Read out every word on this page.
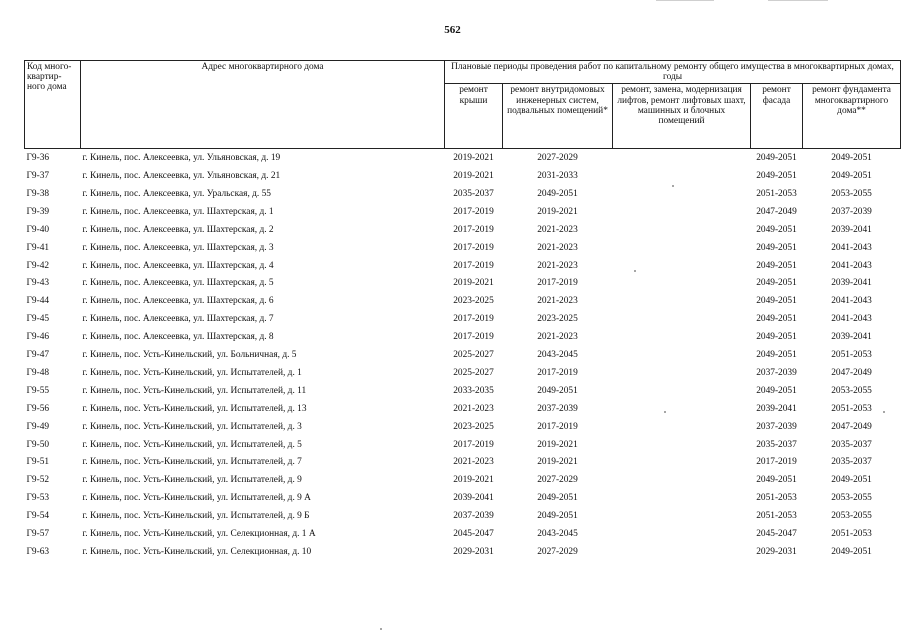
562
Код много-квартир-ного дома	Адрес многоквартирного дома	Плановые периоды проведения работ по капитальному ремонту общего имущества в многоквартирных домах, годы				
		ремонт крыши	ремонт внутридомовых инженерных систем, подвальных помещений*	ремонт, замена, модернизация лифтов, ремонт лифтовых шахт, машинных и блочных помещений	ремонт фасада	ремонт фундамента многоквартирного дома**
Г9-36	г. Кинель, пос. Алексеевка, ул. Ульяновская, д. 19	2019-2021	2027-2029		2049-2051	2049-2051
Г9-37	г. Кинель, пос. Алексеевка, ул. Ульяновская, д. 21	2019-2021	2031-2033		2049-2051	2049-2051
Г9-38	г. Кинель, пос. Алексеевка, ул. Уральская, д. 55	2035-2037	2049-2051		2051-2053	2053-2055
Г9-39	г. Кинель, пос. Алексеевка, ул. Шахтерская, д. 1	2017-2019	2019-2021		2047-2049	2037-2039
Г9-40	г. Кинель, пос. Алексеевка, ул. Шахтерская, д. 2	2017-2019	2021-2023		2049-2051	2039-2041
Г9-41	г. Кинель, пос. Алексеевка, ул. Шахтерская, д. 3	2017-2019	2021-2023		2049-2051	2041-2043
Г9-42	г. Кинель, пос. Алексеевка, ул. Шахтерская, д. 4	2017-2019	2021-2023		2049-2051	2041-2043
Г9-43	г. Кинель, пос. Алексеевка, ул. Шахтерская, д. 5	2019-2021	2017-2019		2049-2051	2039-2041
Г9-44	г. Кинель, пос. Алексеевка, ул. Шахтерская, д. 6	2023-2025	2021-2023		2049-2051	2041-2043
Г9-45	г. Кинель, пос. Алексеевка, ул. Шахтерская, д. 7	2017-2019	2023-2025		2049-2051	2041-2043
Г9-46	г. Кинель, пос. Алексеевка, ул. Шахтерская, д. 8	2017-2019	2021-2023		2049-2051	2039-2041
Г9-47	г. Кинель, пос. Усть-Кинельский, ул. Больничная, д. 5	2025-2027	2043-2045		2049-2051	2051-2053
Г9-48	г. Кинель, пос. Усть-Кинельский, ул. Испытателей, д. 1	2025-2027	2017-2019		2037-2039	2047-2049
Г9-55	г. Кинель, пос. Усть-Кинельский, ул. Испытателей, д. 11	2033-2035	2049-2051		2049-2051	2053-2055
Г9-56	г. Кинель, пос. Усть-Кинельский, ул. Испытателей, д. 13	2021-2023	2037-2039		2039-2041	2051-2053
Г9-49	г. Кинель, пос. Усть-Кинельский, ул. Испытателей, д. 3	2023-2025	2017-2019		2037-2039	2047-2049
Г9-50	г. Кинель, пос. Усть-Кинельский, ул. Испытателей, д. 5	2017-2019	2019-2021		2035-2037	2035-2037
Г9-51	г. Кинель, пос. Усть-Кинельский, ул. Испытателей, д. 7	2021-2023	2019-2021		2017-2019	2035-2037
Г9-52	г. Кинель, пос. Усть-Кинельский, ул. Испытателей, д. 9	2019-2021	2027-2029		2049-2051	2049-2051
Г9-53	г. Кинель, пос. Усть-Кинельский, ул. Испытателей, д. 9 А	2039-2041	2049-2051		2051-2053	2053-2055
Г9-54	г. Кинель, пос. Усть-Кинельский, ул. Испытателей, д. 9 Б	2037-2039	2049-2051		2051-2053	2053-2055
Г9-57	г. Кинель, пос. Усть-Кинельский, ул. Селекционная, д. 1 А	2045-2047	2043-2045		2045-2047	2051-2053
Г9-63	г. Кинель, пос. Усть-Кинельский, ул. Селекционная, д. 10	2029-2031	2027-2029		2029-2031	2049-2051
